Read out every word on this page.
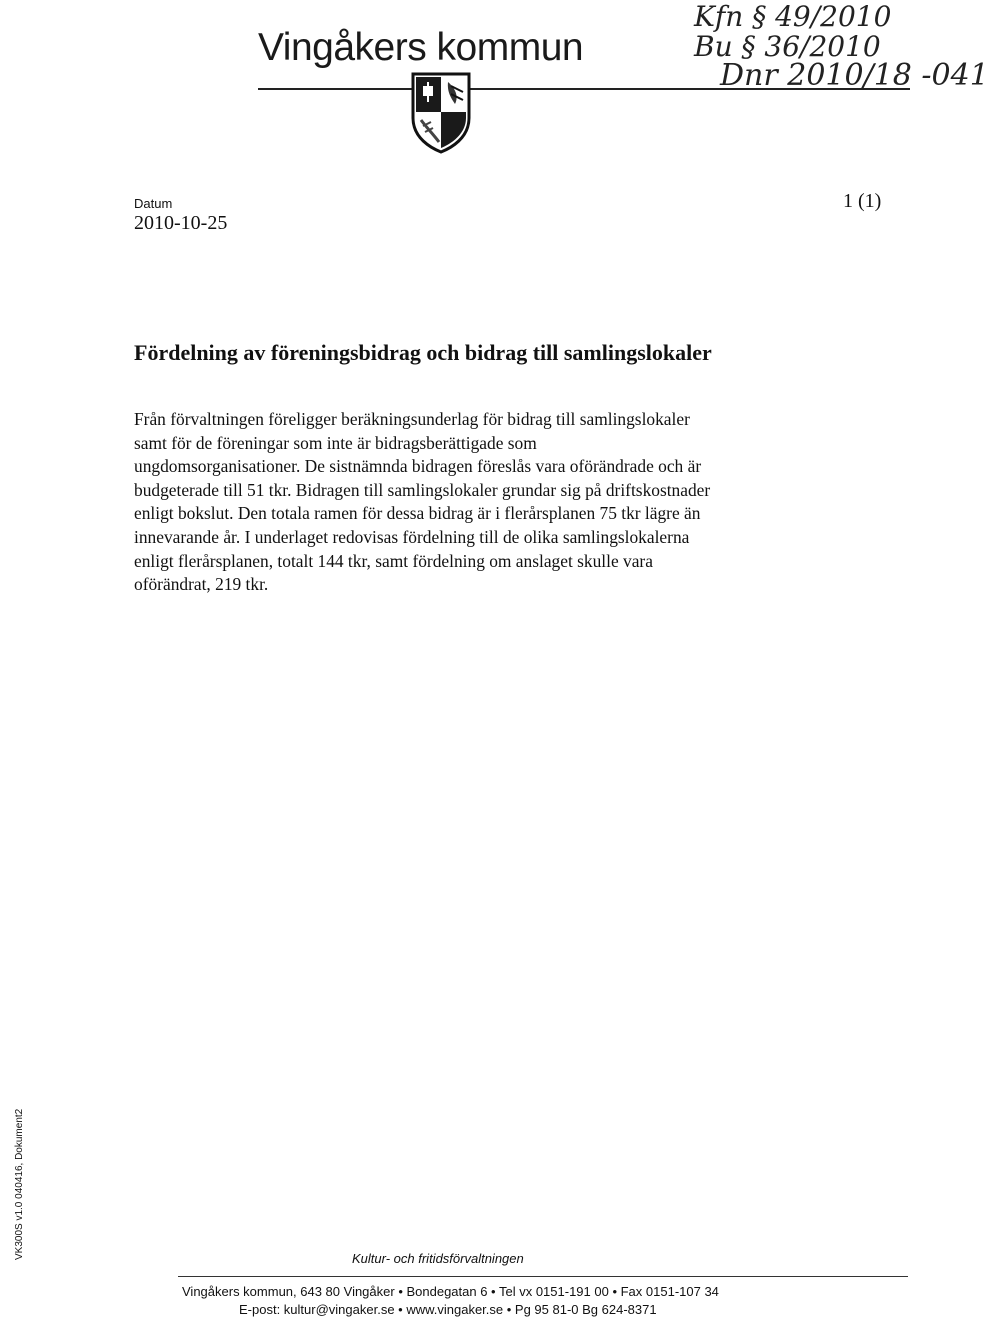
Vingåkers kommun
Kfn § 49/2010
Bu § 36/2010
Dnr 2010/18 -041
Datum
2010-10-25
1 (1)
Fördelning av föreningsbidrag och bidrag till samlingslokaler
Från förvaltningen föreligger beräkningsunderlag för bidrag till samlingslokaler
samt för de föreningar som inte är bidragsberättigade som
ungdomsorganisationer. De sistnämnda bidragen föreslås vara oförändrade och är
budgeterade till 51 tkr. Bidragen till samlingslokaler grundar sig på driftskostnader
enligt bokslut. Den totala ramen för dessa bidrag är i flerårsplanen 75 tkr lägre än
innevarande år. I underlaget redovisas fördelning till de olika samlingslokalerna
enligt flerårsplanen, totalt 144 tkr, samt fördelning om anslaget skulle vara
oförändrat, 219 tkr.
VK300S v1.0 040416, Dokument2	Kultur- och fritidsförvaltningen
Vingåkers kommun, 643 80 Vingåker • Bondegatan 6 • Tel vx 0151-191 00 • Fax 0151-107 34
E-post: kultur@vingaker.se • www.vingaker.se • Pg 95 81-0 Bg 624-8371
